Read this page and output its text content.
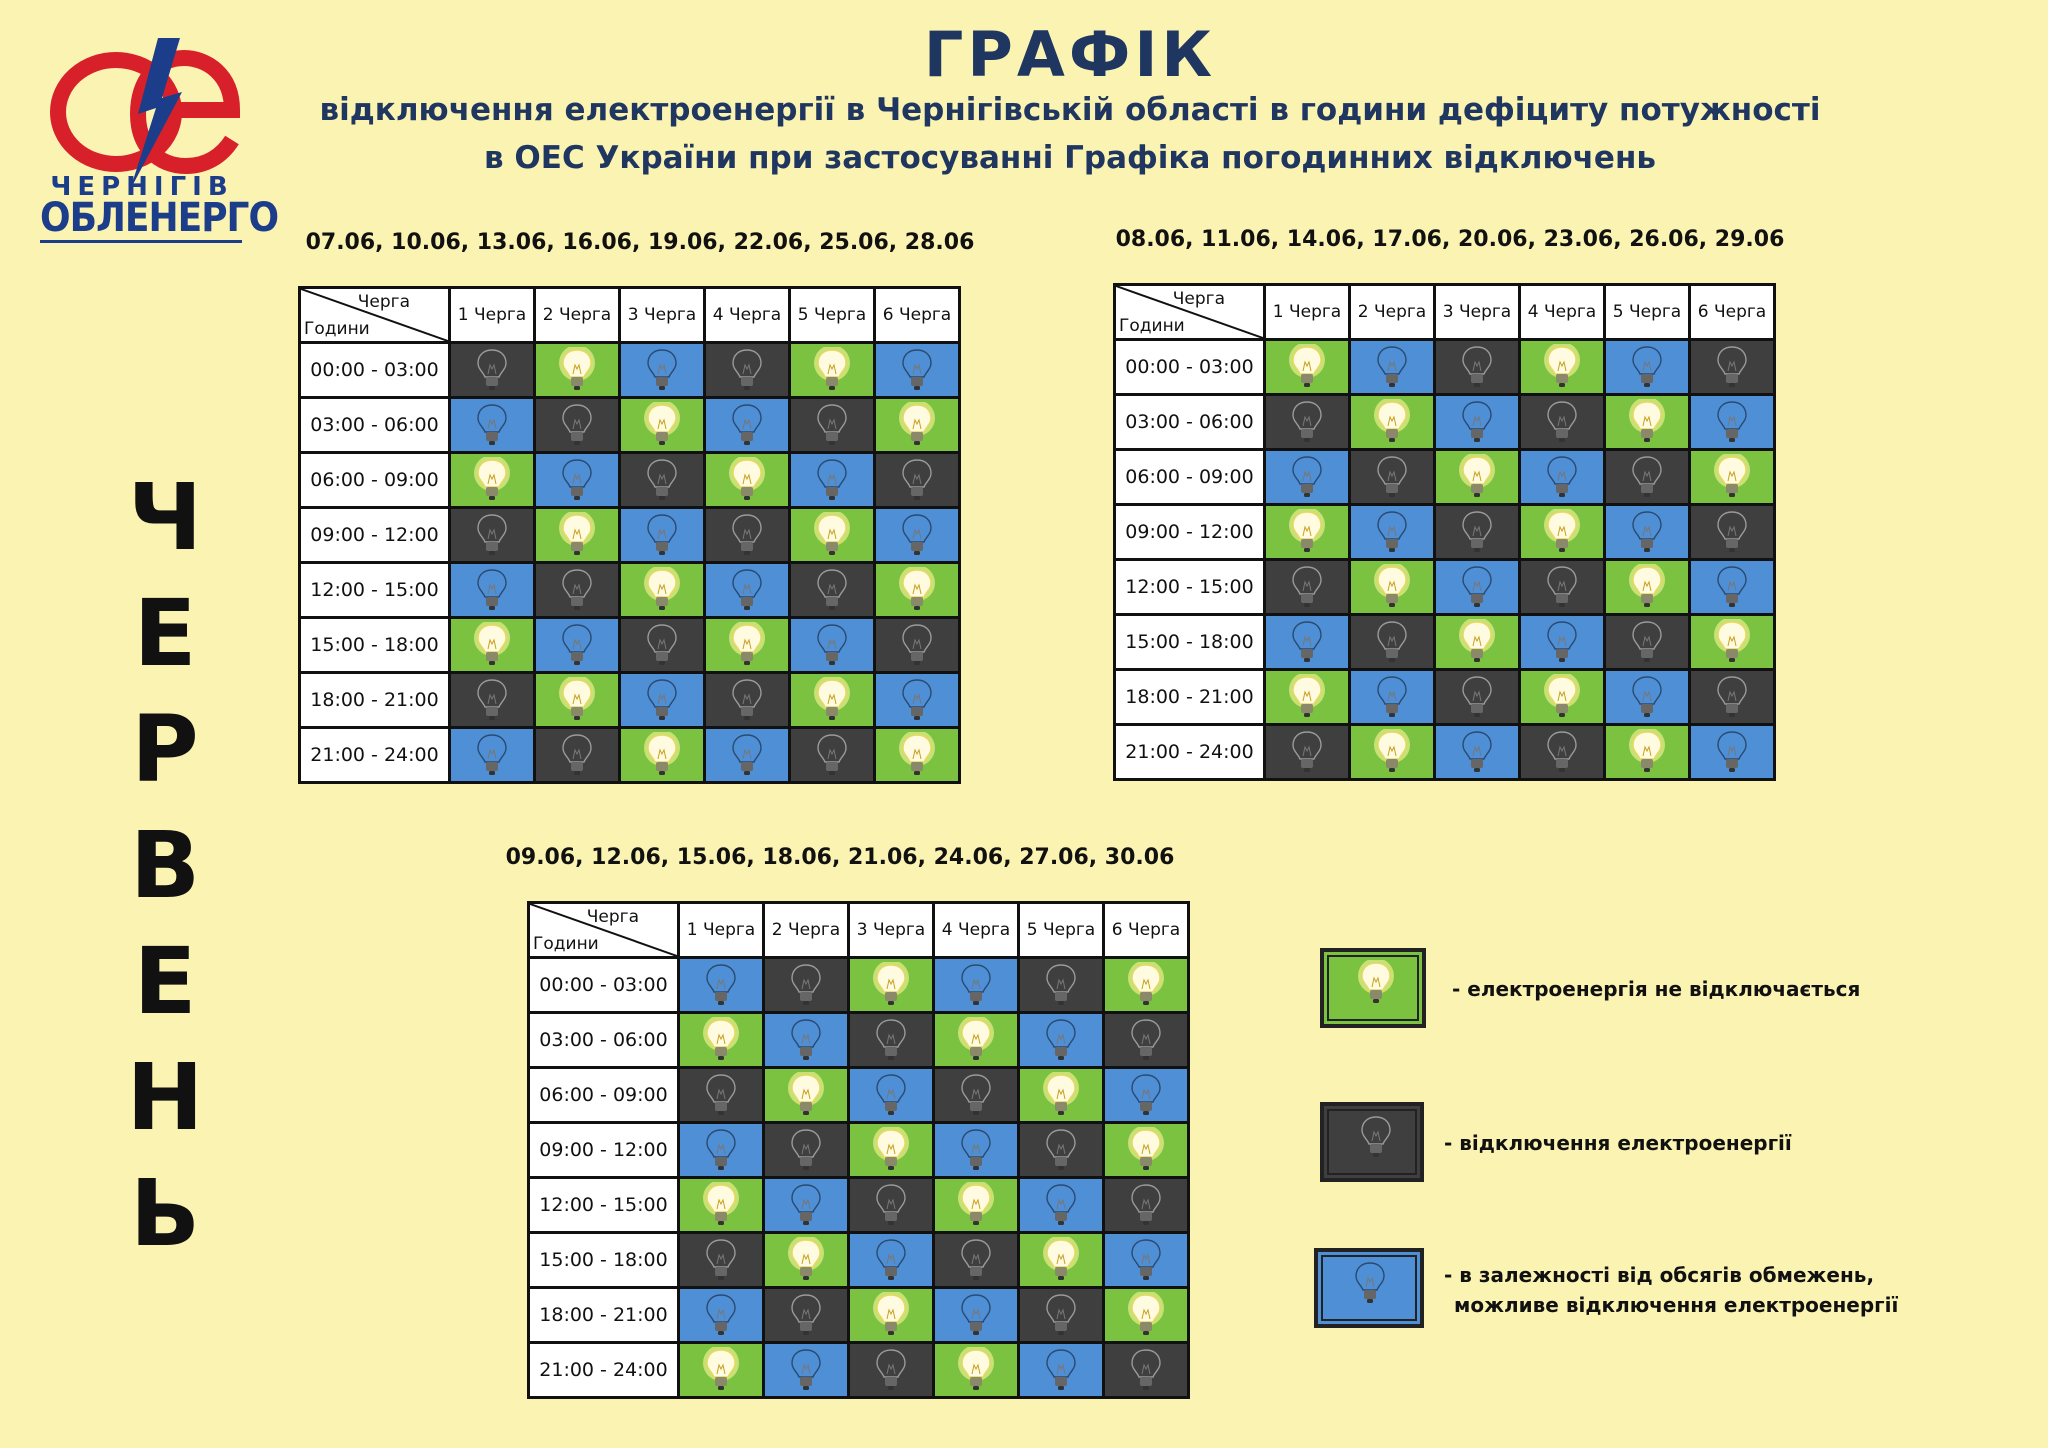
ЧЕРНІГІВ
ОБЛЕНЕРГО
ГРАФІК
відключення електроенергії в Чернігівській області в години дефіциту потужності
в ОЕС України при застосуванні Графіка погодинних відключень
Ч
Е
Р
В
Е
Н
Ь
07.06, 10.06, 13.06, 16.06, 19.06, 22.06, 25.06, 28.06	08.06, 11.06, 14.06, 17.06, 20.06, 23.06, 26.06, 29.06
09.06, 12.06, 15.06, 18.06, 21.06, 24.06, 27.06, 30.06
Черга
Години	1 Черга	2 Черга	3 Черга	4 Черга	5 Черга	6 Черга
00:00 - 03:00	

03:00 - 06:00	

06:00 - 09:00	

09:00 - 12:00	

12:00 - 15:00	

15:00 - 18:00	

18:00 - 21:00	

21:00 - 24:00	

Черга
Години	1 Черга	2 Черга	3 Черга	4 Черга	5 Черга	6 Черга
00:00 - 03:00	

03:00 - 06:00	

06:00 - 09:00	

09:00 - 12:00	

12:00 - 15:00	

15:00 - 18:00	

18:00 - 21:00	

21:00 - 24:00	

Черга
Години	1 Черга	2 Черга	3 Черга	4 Черга	5 Черга	6 Черга
00:00 - 03:00	

03:00 - 06:00	

06:00 - 09:00	

09:00 - 12:00	

12:00 - 15:00	

15:00 - 18:00	

18:00 - 21:00	

21:00 - 24:00	

- електроенергія не відключається
- відключення електроенергії
- в залежності від обсягів обмежень,
можливе відключення електроенергії
